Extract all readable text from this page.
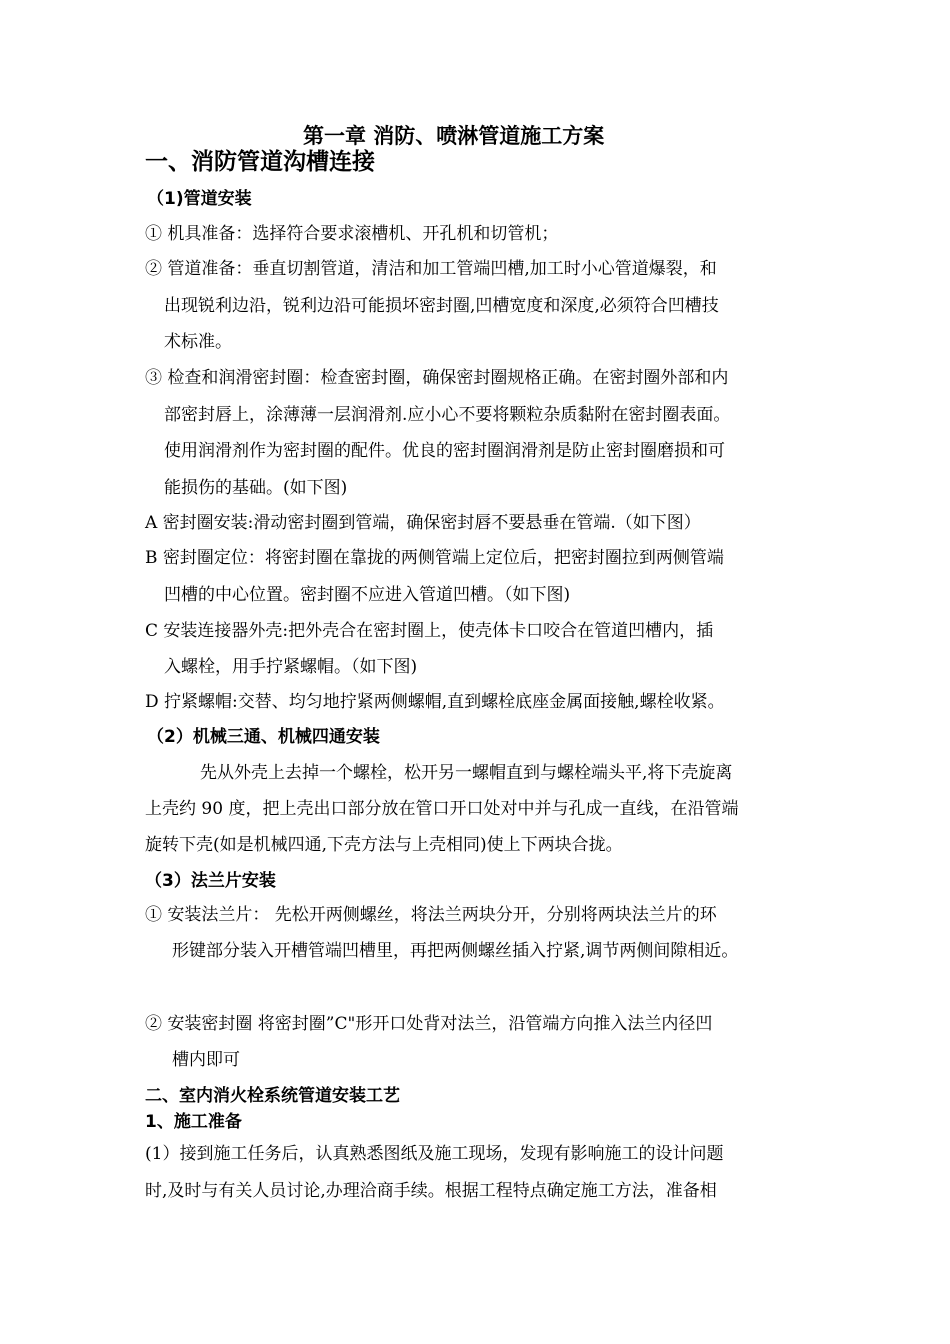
第一章 消防、喷淋管道施工方案
一、消防管道沟槽连接
（1)管道安装
① 机具准备：选择符合要求滚槽机、开孔机和切管机；
② 管道准备：垂直切割管道，清洁和加工管端凹槽,加工时小心管道爆裂，和
出现锐利边沿，锐利边沿可能损坏密封圈,凹槽宽度和深度,必须符合凹槽技
术标准。
③ 检查和润滑密封圈：检查密封圈，确保密封圈规格正确。在密封圈外部和内
部密封唇上，涂薄薄一层润滑剂.应小心不要将颗粒杂质黏附在密封圈表面。
使用润滑剂作为密封圈的配件。优良的密封圈润滑剂是防止密封圈磨损和可
能损伤的基础。(如下图)
A 密封圈安装:滑动密封圈到管端，确保密封唇不要悬垂在管端.（如下图）
B 密封圈定位：将密封圈在靠拢的两侧管端上定位后，把密封圈拉到两侧管端
凹槽的中心位置。密封圈不应进入管道凹槽。（如下图)
C 安装连接器外壳:把外壳合在密封圈上，使壳体卡口咬合在管道凹槽内，插
入螺栓，用手拧紧螺帽。（如下图)
D 拧紧螺帽:交替、均匀地拧紧两侧螺帽,直到螺栓底座金属面接触,螺栓收紧。
（2）机械三通、机械四通安装
先从外壳上去掉一个螺栓，松开另一螺帽直到与螺栓端头平,将下壳旋离
上壳约 90 度，把上壳出口部分放在管口开口处对中并与孔成一直线，在沿管端
旋转下壳(如是机械四通,下壳方法与上壳相同)使上下两块合拢。
（3）法兰片安装
① 安装法兰片： 先松开两侧螺丝，将法兰两块分开，分别将两块法兰片的环
形键部分装入开槽管端凹槽里，再把两侧螺丝插入拧紧,调节两侧间隙相近。
② 安装密封圈 将密封圈”C"形开口处背对法兰，沿管端方向推入法兰内径凹
槽内即可
二、室内消火栓系统管道安装工艺
1、施工准备
(1）接到施工任务后，认真熟悉图纸及施工现场，发现有影响施工的设计问题
时,及时与有关人员讨论,办理洽商手续。根据工程特点确定施工方法，准备相
